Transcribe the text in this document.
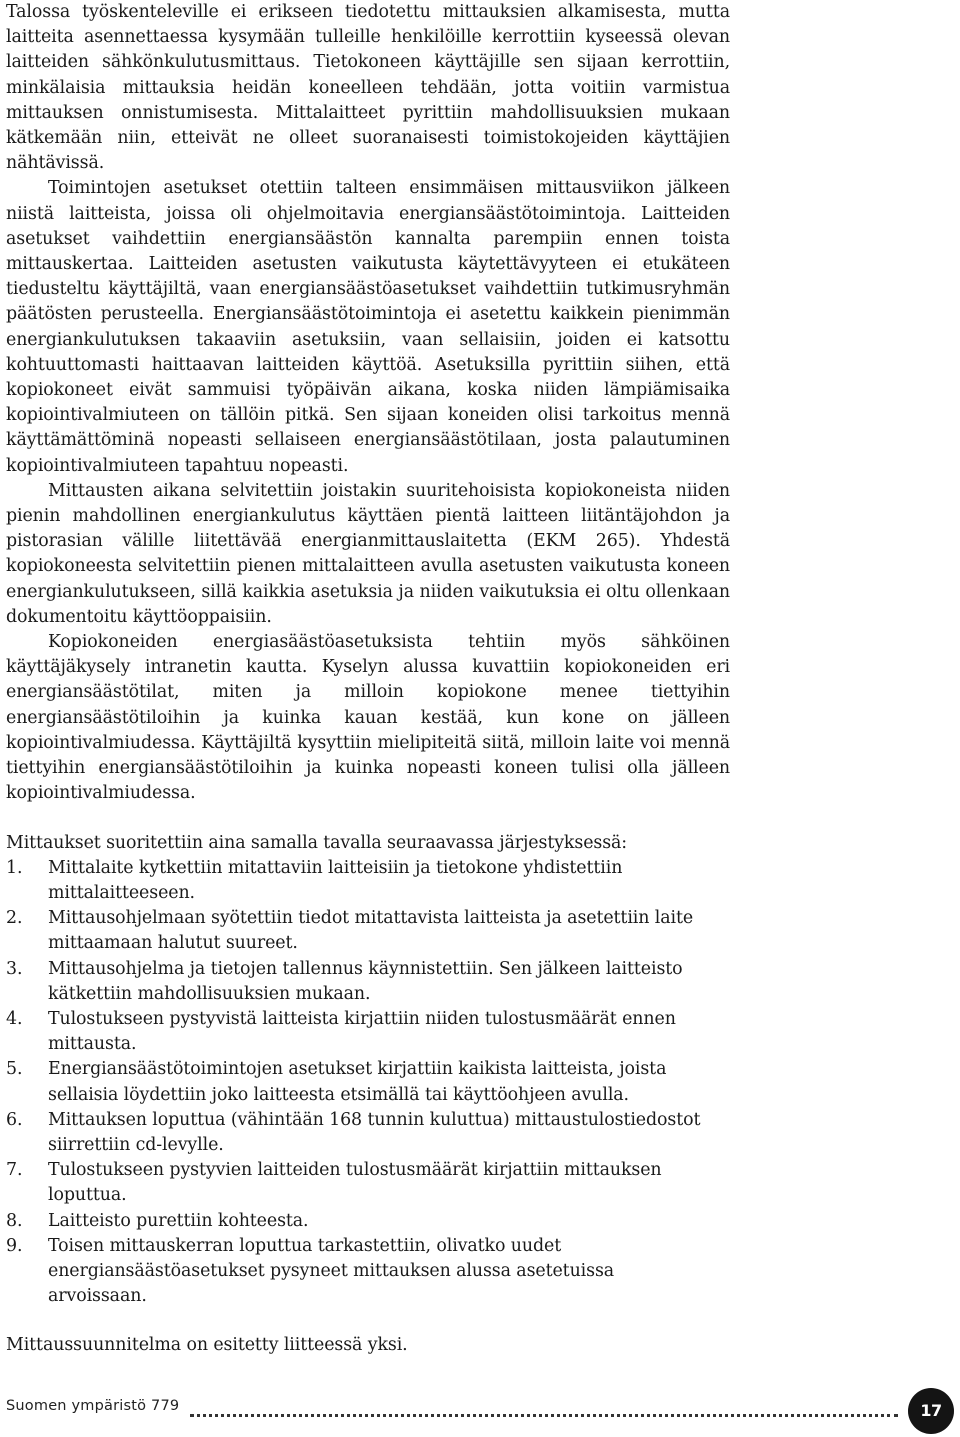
Talossa työskenteleville ei erikseen tiedotettu mittauksien alkamisesta, mutta laitteita asennettaessa kysymään tulleille henkilöille kerrottiin kyseessä olevan laitteiden sähkönkulutusmittaus. Tietokoneen käyttäjille sen sijaan kerrottiin, minkälaisia mittauksia heidän koneelleen tehdään, jotta voitiin varmistua mittauksen onnistumisesta. Mittalaitteet pyrittiin mahdollisuuksien mukaan kätkemään niin, etteivät ne olleet suoranaisesti toimistokojeiden käyttäjien nähtävissä.

Toimintojen asetukset otettiin talteen ensimmäisen mittausviikon jälkeen niistä laitteista, joissa oli ohjelmoitavia energiansäästötoimintoja. Laitteiden asetukset vaihdettiin energiansäästön kannalta parempiin ennen toista mittauskertaa. Laitteiden asetusten vaikutusta käytettävyyteen ei etukäteen tiedusteltu käyttäjiltä, vaan energiansäästöasetukset vaihdettiin tutkimusryhmän päätösten perusteella. Energiansäästötoimintoja ei asetettu kaikkein pienimmän energiankulutuksen takaaviin asetuksiin, vaan sellaisiin, joiden ei katsottu kohtuuttomasti haittaavan laitteiden käyttöä. Asetuksilla pyrittiin siihen, että kopiokoneet eivät sammuisi työpäivän aikana, koska niiden lämpiämisaika kopiointivalmiuteen on tällöin pitkä. Sen sijaan koneiden olisi tarkoitus mennä käyttämättöminä nopeasti sellaiseen energiansäästötilaan, josta palautuminen kopiointivalmiuteen tapahtuu nopeasti.

Mittausten aikana selvitettiin joistakin suuritehoisista kopiokoneista niiden pienin mahdollinen energiankulutus käyttäen pientä laitteen liitäntäjohdon ja pistorasian välille liitettävää energianmittauslaitetta (EKM 265). Yhdestä kopiokoneesta selvitettiin pienen mittalaitteen avulla asetusten vaikutusta koneen energiankulutukseen, sillä kaikkia asetuksia ja niiden vaikutuksia ei oltu ollenkaan dokumentoitu käyttöoppaisiin.

Kopiokoneiden energiasäästöasetuksista tehtiin myös sähköinen käyttäjäkysely intranetin kautta. Kyselyn alussa kuvattiin kopiokoneiden eri energiansäästötilat, miten ja milloin kopiokone menee tiettyihin energiansäästötiloihin ja kuinka kauan kestää, kun kone on jälleen kopiointivalmiudessa. Käyttäjiltä kysyttiin mielipiteitä siitä, milloin laite voi mennä tiettyihin energiansäästötiloihin ja kuinka nopeasti koneen tulisi olla jälleen kopiointivalmiudessa.

Mittaukset suoritettiin aina samalla tavalla seuraavassa järjestyksessä:

1. Mittalaite kytkettiin mitattaviin laitteisiin ja tietokone yhdistettiin mittalaitteeseen.
2. Mittausohjelmaan syötettiin tiedot mitattavista laitteista ja asetettiin laite mittaamaan halutut suureet.
3. Mittausohjelma ja tietojen tallennus käynnistettiin. Sen jälkeen laitteisto kätkettiin mahdollisuuksien mukaan.
4. Tulostukseen pystyvistä laitteista kirjattiin niiden tulostusmäärät ennen mittausta.
5. Energiansäästötoimintojen asetukset kirjattiin kaikista laitteista, joista sellaisia löydettiin joko laitteesta etsimällä tai käyttöohjeen avulla.
6. Mittauksen loputtua (vähintään 168 tunnin kuluttua) mittaustulostiedostot siirrettiin cd-levylle.
7. Tulostukseen pystyvien laitteiden tulostusmäärät kirjattiin mittauksen loputtua.
8. Laitteisto purettiin kohteesta.
9. Toisen mittauskerran loputtua tarkastettiin, olivatko uudet energiansäästöasetukset pysyneet mittauksen alussa asetetuissa arvoissaan.

Mittaussuunnitelma on esitetty liitteessä yksi.

Suomen ympäristö 779	17
